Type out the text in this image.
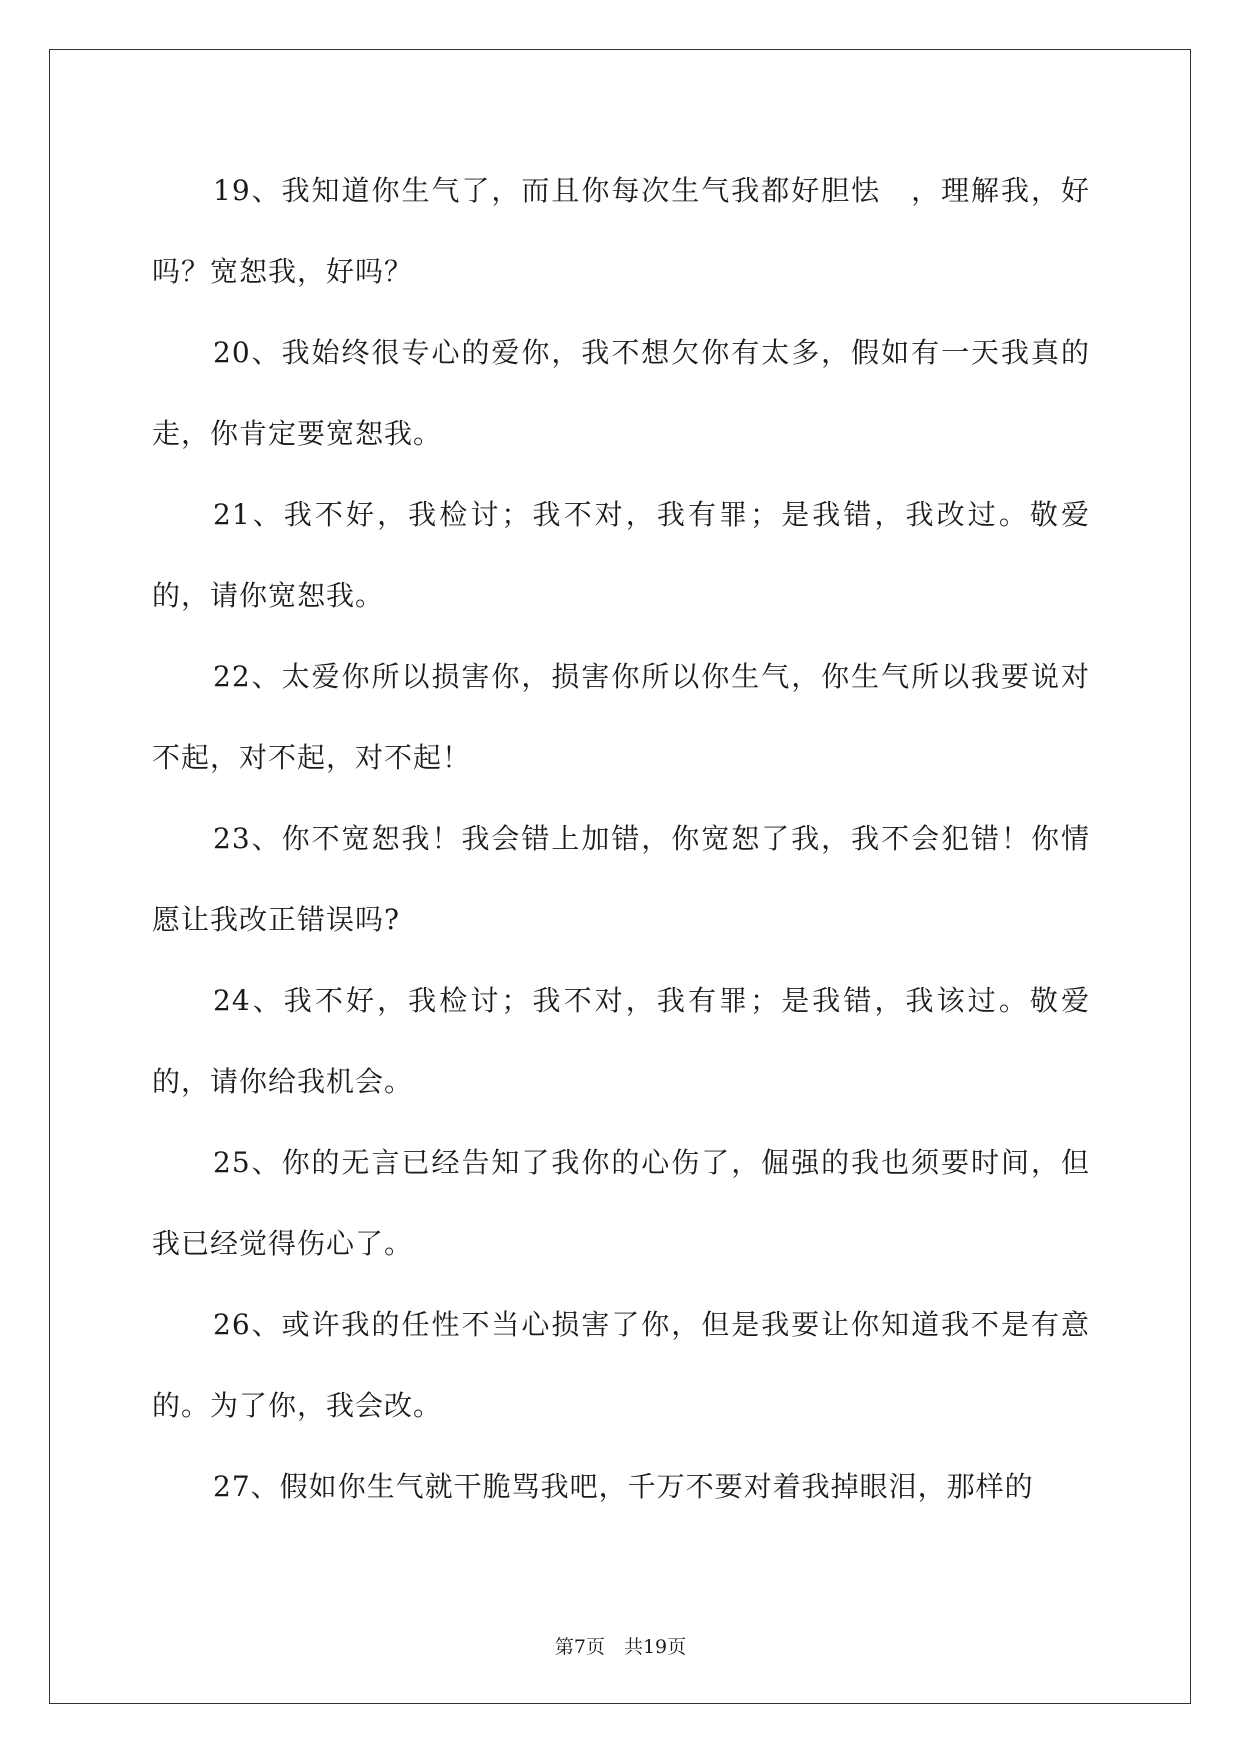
19、我知道你生气了，而且你每次生气我都好胆怯　，理解我，好吗？宽恕我，好吗？

20、我始终很专心的爱你，我不想欠你有太多，假如有一天我真的走，你肯定要宽恕我。

21、我不好，我检讨；我不对，我有罪；是我错，我改过。敬爱的，请你宽恕我。

22、太爱你所以损害你，损害你所以你生气，你生气所以我要说对不起，对不起，对不起！

23、你不宽恕我！我会错上加错，你宽恕了我，我不会犯错！你情愿让我改正错误吗?

24、我不好，我检讨；我不对，我有罪；是我错，我该过。敬爱的，请你给我机会。

25、你的无言已经告知了我你的心伤了，倔强的我也须要时间，但我已经觉得伤心了。

26、或许我的任性不当心损害了你，但是我要让你知道我不是有意的。为了你，我会改。

27、假如你生气就干脆骂我吧，千万不要对着我掉眼泪，那样的

第7页　共19页
